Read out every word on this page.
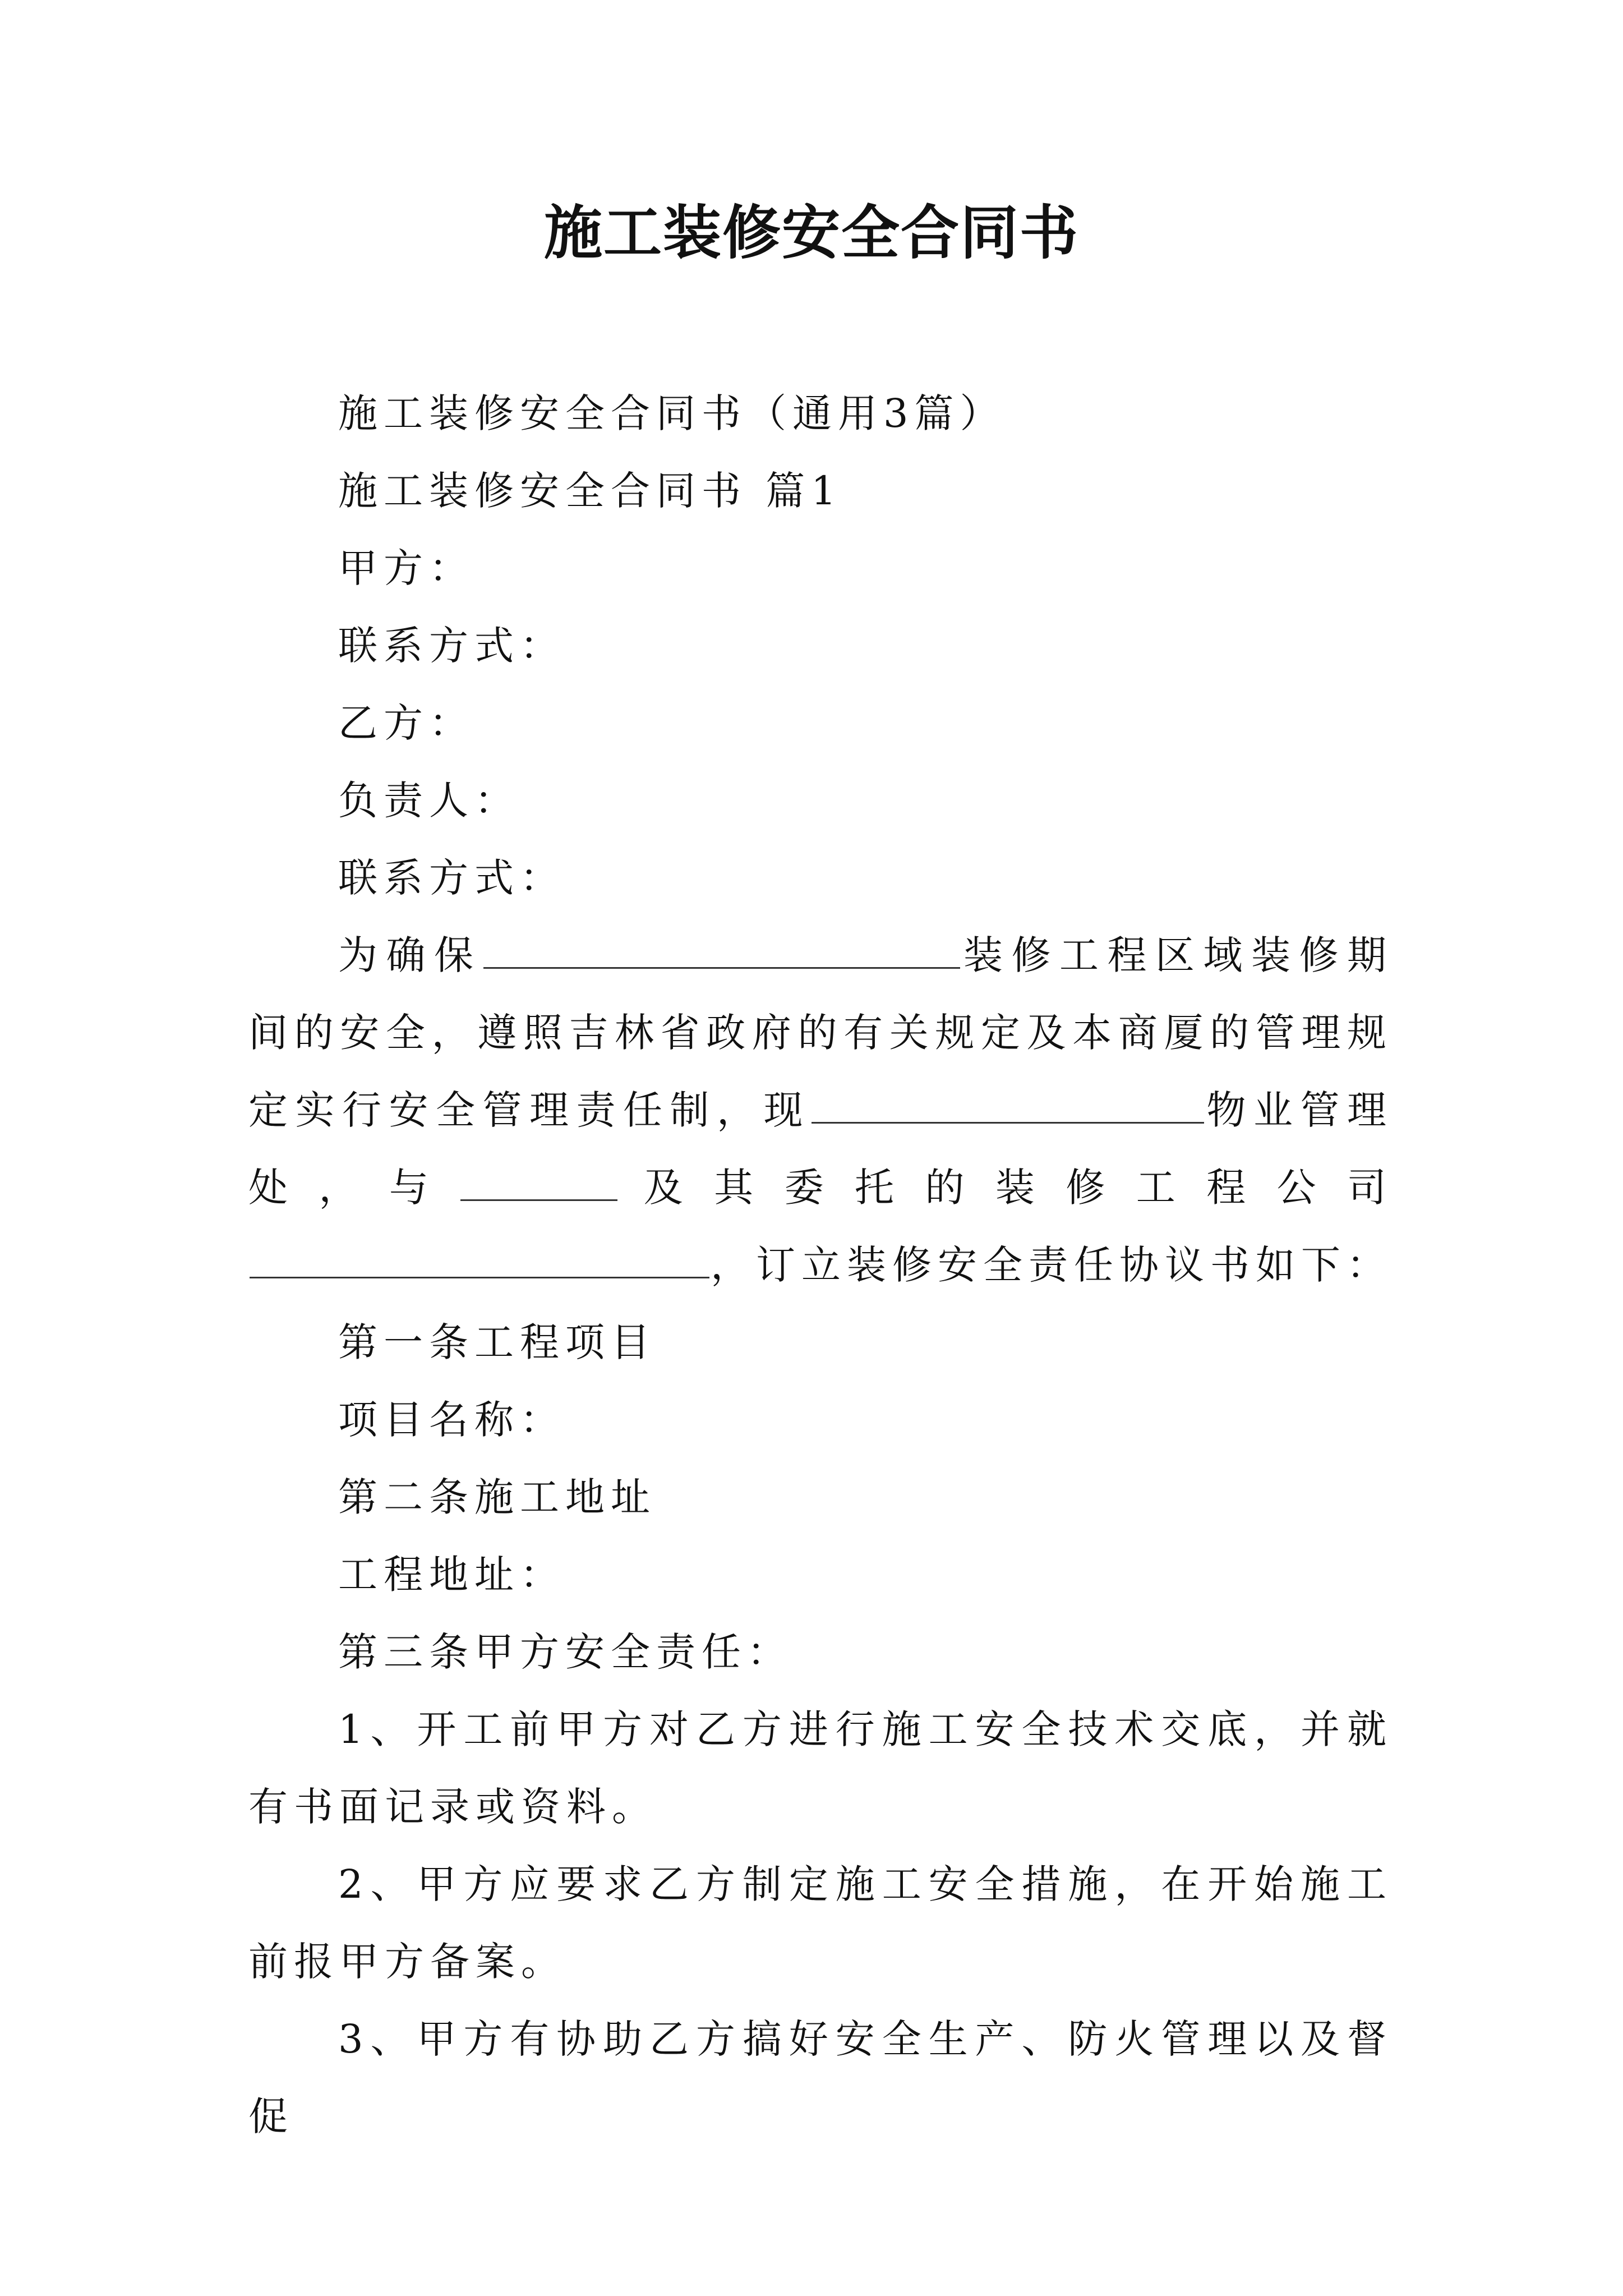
施工装修安全合同书

施工装修安全合同书（通用3篇）

施工装修安全合同书 篇1

甲方：

联系方式：

乙方：

负责人：

联系方式：

为确保	装修工程区域装修期间的安全，遵照吉林省政府的有关规定及本商厦的管理规定实行安全管理责任制，现	物业管理处，与	及其委托的装修工程公司，订立装修安全责任协议书如下：

第一条工程项目

项目名称：

第二条施工地址

工程地址：

第三条甲方安全责任：

1、开工前甲方对乙方进行施工安全技术交底，并就有书面记录或资料。

2、甲方应要求乙方制定施工安全措施，在开始施工前报甲方备案。

3、甲方有协助乙方搞好安全生产、防火管理以及督促
